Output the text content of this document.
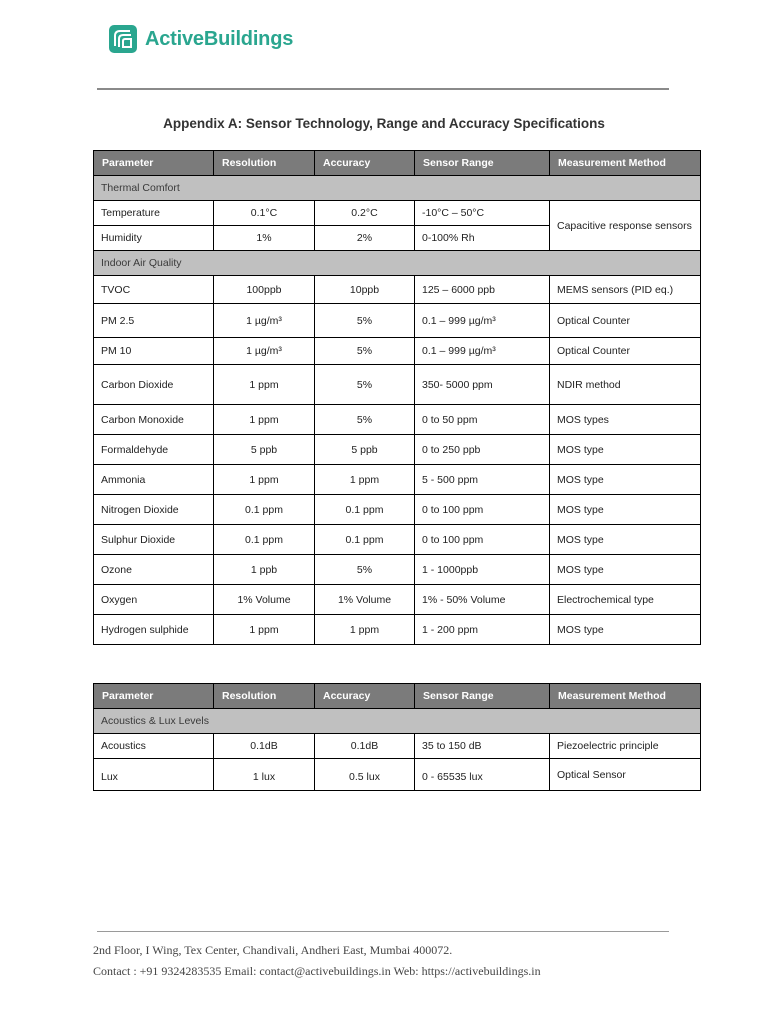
ActiveBuildings
Appendix A: Sensor Technology, Range and Accuracy Specifications
Parameter	Resolution	Accuracy	Sensor Range	Measurement Method
Thermal Comfort				
Temperature	0.1°C	0.2°C	-10°C – 50°C	Capacitive response sensors
Humidity	1%	2%	0-100% Rh	
Indoor Air Quality				
TVOC	100ppb	10ppb	125 – 6000 ppb	MEMS sensors (PID eq.)
PM 2.5	1 µg/m³	5%	0.1 – 999 µg/m³	Optical Counter
PM 10	1 µg/m³	5%	0.1 – 999 µg/m³	Optical Counter
Carbon Dioxide	1 ppm	5%	350- 5000 ppm	NDIR method
Carbon Monoxide	1 ppm	5%	0 to 50 ppm	MOS types
Formaldehyde	5 ppb	5 ppb	0 to 250 ppb	MOS type
Ammonia	1 ppm	1 ppm	5 - 500 ppm	MOS type
Nitrogen Dioxide	0.1 ppm	0.1 ppm	0 to 100 ppm	MOS type
Sulphur Dioxide	0.1 ppm	0.1 ppm	0 to 100 ppm	MOS type
Ozone	1 ppb	5%	1 - 1000ppb	MOS type
Oxygen	1% Volume	1% Volume	1% - 50% Volume	Electrochemical type
Hydrogen sulphide	1 ppm	1 ppm	1 - 200 ppm	MOS type
Parameter	Resolution	Accuracy	Sensor Range	Measurement Method
Acoustics & Lux Levels				
Acoustics	0.1dB	0.1dB	35 to 150 dB	Piezoelectric principle
Lux	1 lux	0.5 lux	0 - 65535 lux	Optical Sensor
2nd Floor, I Wing, Tex Center, Chandivali, Andheri East, Mumbai 400072.
Contact : +91 9324283535 Email: contact@activebuildings.in Web: https://activebuildings.in
